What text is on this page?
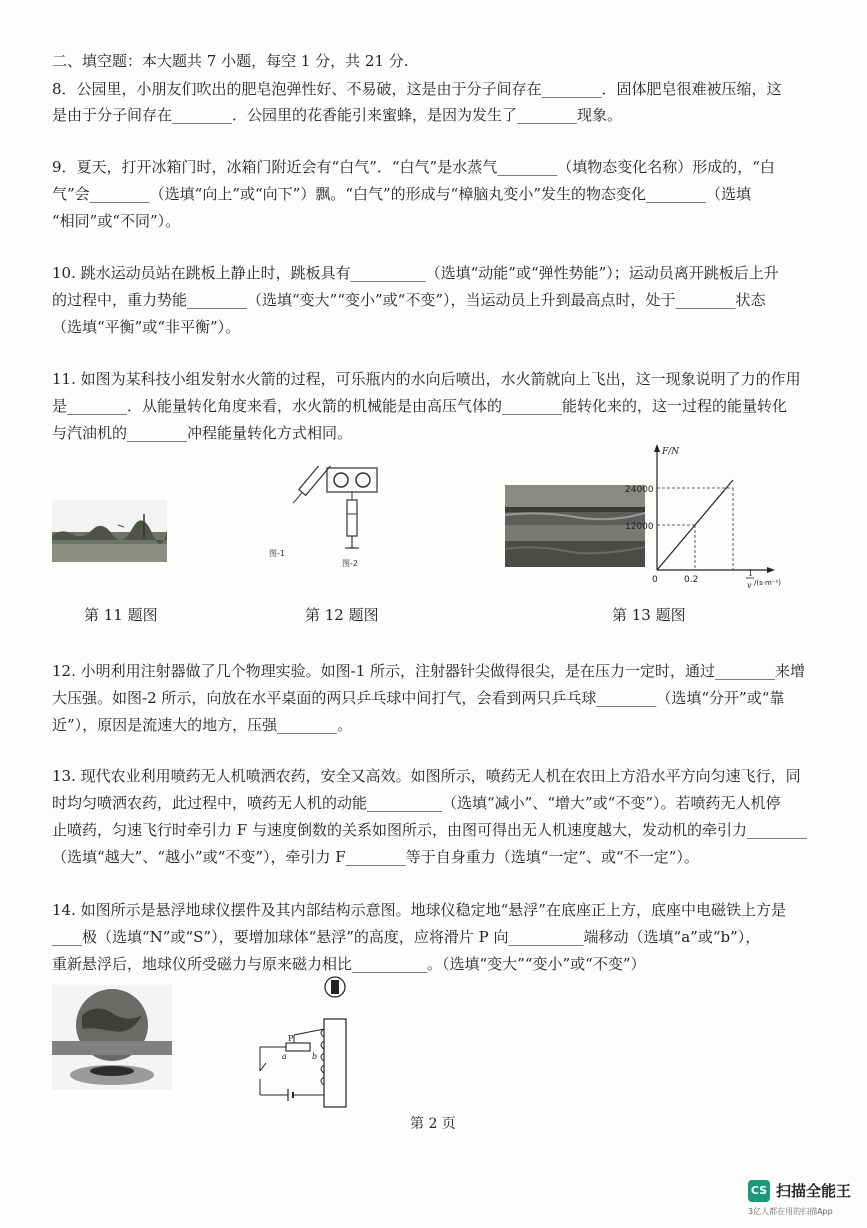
二、填空题：本大题共 7 小题，每空 1 分，共 21 分.
8．公园里，小朋友们吹出的肥皂泡弹性好、不易破，这是由于分子间存在________．固体肥皂很难被压缩，这
是由于分子间存在________．公园里的花香能引来蜜蜂，是因为发生了________现象。
9．夏天，打开冰箱门时，冰箱门附近会有“白气”．“白气”是水蒸气________（填物态变化名称）形成的，“白
气”会________（选填“向上”或“向下”）飘。“白气”的形成与“樟脑丸变小”发生的物态变化________（选填
“相同”或“不同”）。
10. 跳水运动员站在跳板上静止时，跳板具有__________（选填“动能”或“弹性势能”）；运动员离开跳板后上升
的过程中，重力势能________（选填“变大”“变小”或“不变”），当运动员上升到最高点时，处于________状态
（选填“平衡”或“非平衡”）。
11. 如图为某科技小组发射水火箭的过程，可乐瓶内的水向后喷出，水火箭就向上飞出，这一现象说明了力的作用
是________．从能量转化角度来看，水火箭的机械能是由高压气体的________能转化来的，这一过程的能量转化
与汽油机的________冲程能量转化方式相同。
第 11 题图
图-1
图-2
第 12 题图
F/N
24000
12000
0	0.2
1
v /(s·m⁻¹)
第 13 题图
12. 小明利用注射器做了几个物理实验。如图-1 所示，注射器针尖做得很尖，是在压力一定时，通过________来增
大压强。如图-2 所示，向放在水平桌面的两只乒乓球中间打气，会看到两只乒乓球________（选填“分开”或“靠
近”），原因是流速大的地方，压强________。
13. 现代农业利用喷药无人机喷洒农药，安全又高效。如图所示，喷药无人机在农田上方沿水平方向匀速飞行，同
时均匀喷洒农药，此过程中，喷药无人机的动能__________（选填“减小”、“增大”或“不变”）。若喷药无人机停
止喷药，匀速飞行时牵引力 F 与速度倒数的关系如图所示，由图可得出无人机速度越大，发动机的牵引力________
（选填“越大”、“越小”或“不变”），牵引力 F________等于自身重力（选填“一定”、或“不一定”）。
14. 如图所示是悬浮地球仪摆件及其内部结构示意图。地球仪稳定地“悬浮”在底座正上方，底座中电磁铁上方是
____极（选填“N”或“S”），要增加球体“悬浮”的高度，应将滑片 P 向__________端移动（选填“a”或“b”），
重新悬浮后，地球仪所受磁力与原来磁力相比__________。（选填“变大”“变小”或“不变”）
P
a	b
第 2 页
CS 扫描全能王
3亿人都在用的扫描App
